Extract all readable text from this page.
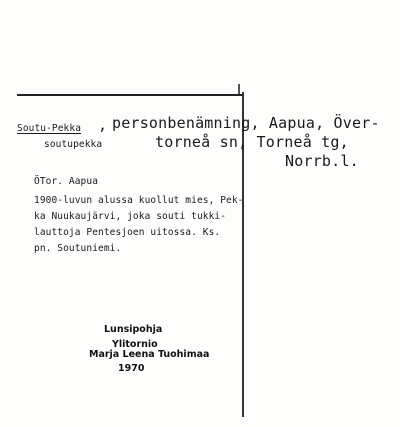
Soutu-Pekka , personbenämning, Aapua, Över-
soutupekka	torneå sn, Torneå tg,
Norrb.l.
ÖTor. Aapua
1900-luvun alussa kuollut mies, Pek-
ka Nuukaujärvi, joka souti tukki-
lauttoja Pentesjoen uitossa. Ks.
pn. Soutuniemi.
Lunsipohja
Ylitornio
Marja Leena Tuohimaa
1970
